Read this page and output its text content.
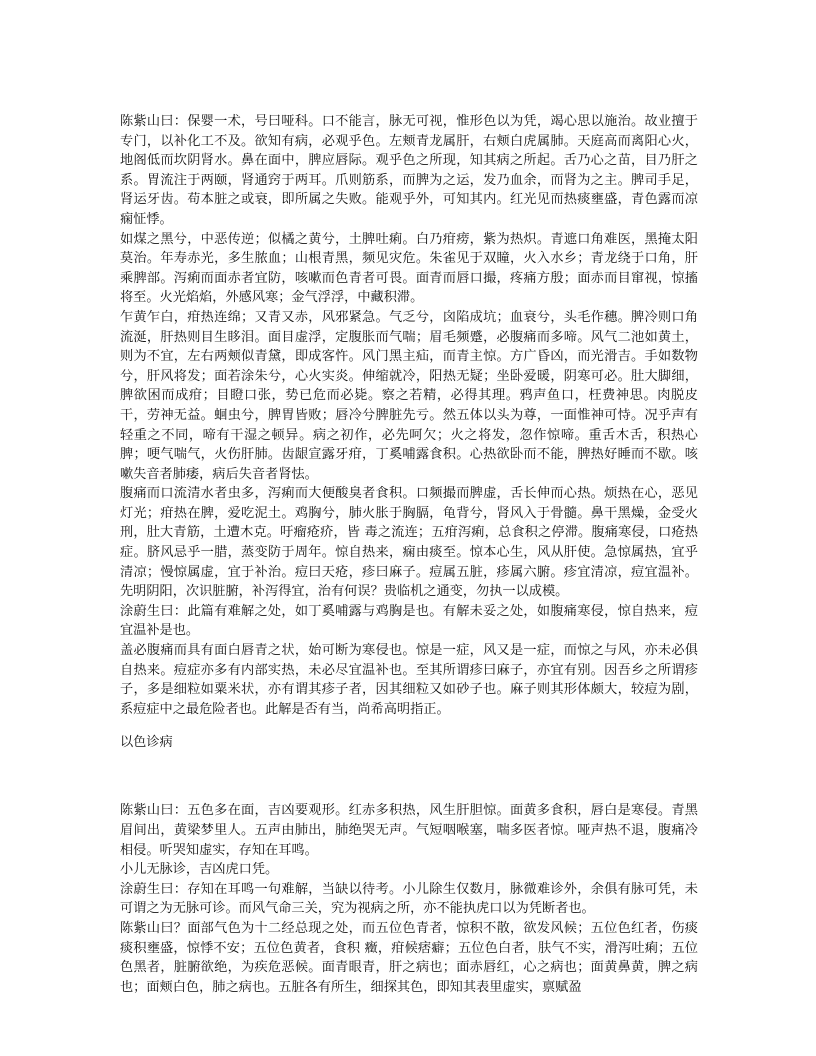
陈紫山曰：保婴一术，号曰哑科。口不能言，脉无可视，惟形色以为凭，竭心思以施治。故业擅于专门，以补化工不及。欲知有病，必观乎色。左颊青龙属肝，右颊白虎属肺。天庭高而离阳心火，地阁低而坎阴肾水。鼻在面中，脾应唇际。观乎色之所现，知其病之所起。舌乃心之苗，目乃肝之系。胃流注于两颐，肾通窍于两耳。爪则筋系，而脾为之运，发乃血余，而肾为之主。脾司手足，肾运牙齿。苟本脏之或衰，即所属之失败。能观乎外，可知其内。红光见而热痰壅盛，青色露而凉痫怔悸。

如煤之黑兮，中恶传逆；似橘之黄兮，土脾吐痢。白乃疳痨，紫为热炽。青遮口角难医，黑掩太阳莫治。年寿赤光，多生脓血；山根青黑，频见灾危。朱雀见于双瞳，火入水乡；青龙绕于口角，肝乘脾部。泻痢而面赤者宜防，咳嗽而色青者可畏。面青而唇口撮，疼痛方殷；面赤而目窜视，惊搐将至。火光焰焰，外感风寒；金气浮浮，中藏积滞。

乍黄乍白，疳热连绵；又青又赤，风邪紧急。气乏兮，囟陷成坑；血衰兮，头毛作穗。脾冷则口角流涎，肝热则目生眵泪。面目虚浮，定腹胀而气喘；眉毛频蹙，必腹痛而多啼。风气二池如黄土，则为不宜，左右两颊似青黛，即成客忤。风门黑主疝，而青主惊。方广昏凶，而光滑吉。手如数物兮，肝风将发；面若涂朱兮，心火实炎。伸缩就冷，阳热无疑；坐卧爱暖，阴寒可必。肚大脚细，脾欲困而成疳；目瞪口张，势已危而必毙。察之若精，必得其理。鸦声鱼口，枉费神思。肉脱皮干，劳神无益。蛔虫兮，脾胃皆败；唇冷兮脾脏先亏。然五体以头为尊，一面惟神可恃。况乎声有轻重之不同，啼有干湿之顿异。病之初作，必先呵欠；火之将发，忽作惊啼。重舌木舌，积热心脾；哽气喘气，火伤肝肺。齿龈宣露牙疳，丁奚哺露食积。心热欲卧而不能，脾热好睡而不歇。咳嗽失音者肺痿，病后失音者肾怯。

腹痛而口流清水者虫多，泻痢而大便酸臭者食积。口频撮而脾虚，舌长伸而心热。烦热在心，恶见灯光；疳热在脾，爱吃泥土。鸡胸兮，肺火胀于胸膈，龟背兮，肾风入于骨髓。鼻干黑燥，金受火刑，肚大青筋，土遭木克。吁瘤疮疥，皆 毒之流连；五疳泻痢，总食积之停滞。腹痛寒侵，口疮热症。脐风忌乎一腊，蒸变防于周年。惊自热来，痫由痰至。惊本心生，风从肝使。急惊属热，宜乎清凉；慢惊属虚，宜于补治。痘曰天疮，疹曰麻子。痘属五脏，疹属六腑。疹宜清凉，痘宜温补。先明阴阳，次识脏腑，补泻得宜，治有何误？贵临机之通变，勿执一以成模。

涂蔚生曰：此篇有难解之处，如丁奚哺露与鸡胸是也。有解未妥之处，如腹痛寒侵，惊自热来，痘宜温补是也。

盖必腹痛而具有面白唇青之状，始可断为寒侵也。惊是一症，风又是一症，而惊之与风，亦未必俱自热来。痘症亦多有内部实热，未必尽宜温补也。至其所谓疹曰麻子，亦宜有别。因吾乡之所谓疹子，多是细粒如粟米状，亦有谓其疹子者，因其细粒又如砂子也。麻子则其形体颇大，较痘为剧，系痘症中之最危险者也。此解是否有当，尚希高明指正。

以色诊病

陈紫山曰：五色多在面，吉凶要观形。红赤多积热，风生肝胆惊。面黄多食积，唇白是寒侵。青黑眉间出，黄梁梦里人。五声由肺出，肺绝哭无声。气短咽喉塞，喘多医者惊。哑声热不退，腹痛冷相侵。听哭知虚实，存知在耳鸣。

小儿无脉诊，吉凶虎口凭。

涂蔚生曰：存知在耳鸣一句难解，当缺以待考。小儿除生仅数月，脉微难诊外，余俱有脉可凭，未可谓之为无脉可诊。而风气命三关，究为视病之所，亦不能执虎口以为凭断者也。

陈紫山曰？面部气色为十二经总现之处，而五位色青者，惊积不散，欲发风候；五位色红者，伤痰痰积壅盛，惊悸不安；五位色黄者，食积 癥，疳候痞癖；五位色白者，肤气不实，滑泻吐痢；五位色黑者，脏腑欲绝，为疾危恶候。面青眼青，肝之病也；面赤唇红，心之病也；面黄鼻黄，脾之病也；面颊白色，肺之病也。五脏各有所生，细探其色，即知其表里虚实，禀赋盈
